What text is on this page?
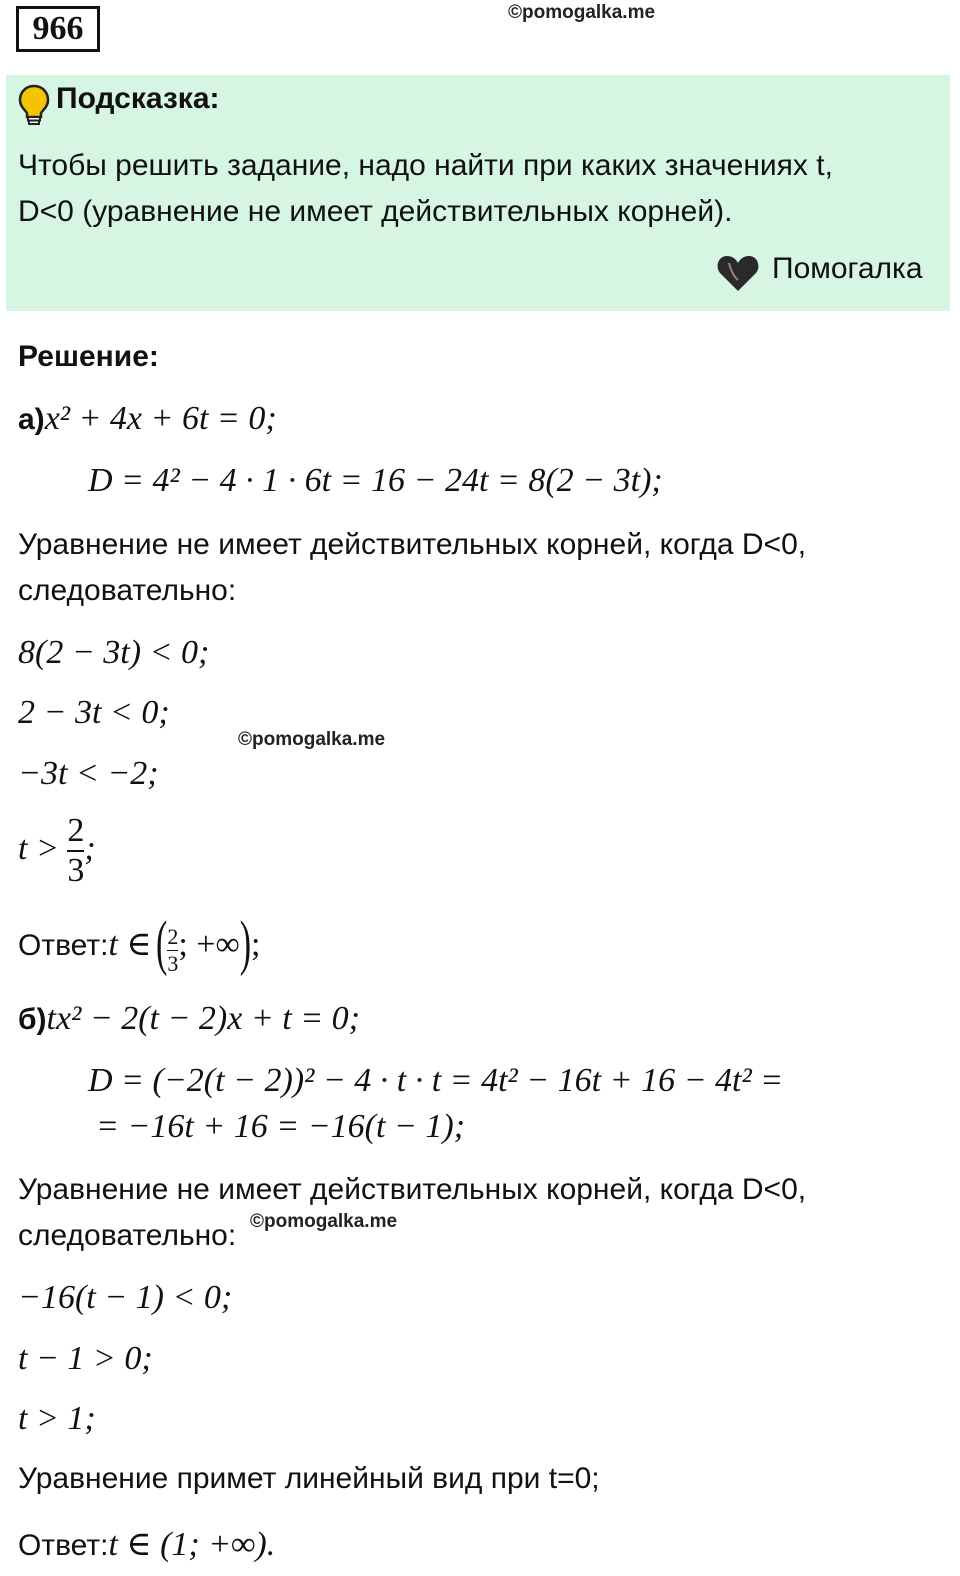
966	©pomogalka.me
Подсказка:
Чтобы решить задание, надо найти при каких значениях t,
D<0 (уравнение не имеет действительных корней).
Помогалка
Решение:
а)x² + 4x + 6t = 0;
D = 4² − 4 · 1 · 6t = 16 − 24t = 8(2 − 3t);
Уравнение не имеет действительных корней, когда D<0,
следовательно:
8(2 − 3t) < 0;
2 − 3t < 0;
©pomogalka.me
−3t < −2;
$t > \frac{2}{3}$ ;
Ответ:t ∈ ( $\frac{2}{3}$ ; +∞);
б)tx² − 2(t − 2)x + t = 0;
D = (−2(t − 2))² − 4 · t · t = 4t² − 16t + 16 − 4t² =
= −16t + 16 = −16(t − 1);
Уравнение не имеет действительных корней, когда D<0,
©pomogalka.me
следовательно:
−16(t − 1) < 0;
t − 1 > 0;
t > 1;
Уравнение примет линейный вид при t=0;
Ответ:t ∈ (1; +∞).
